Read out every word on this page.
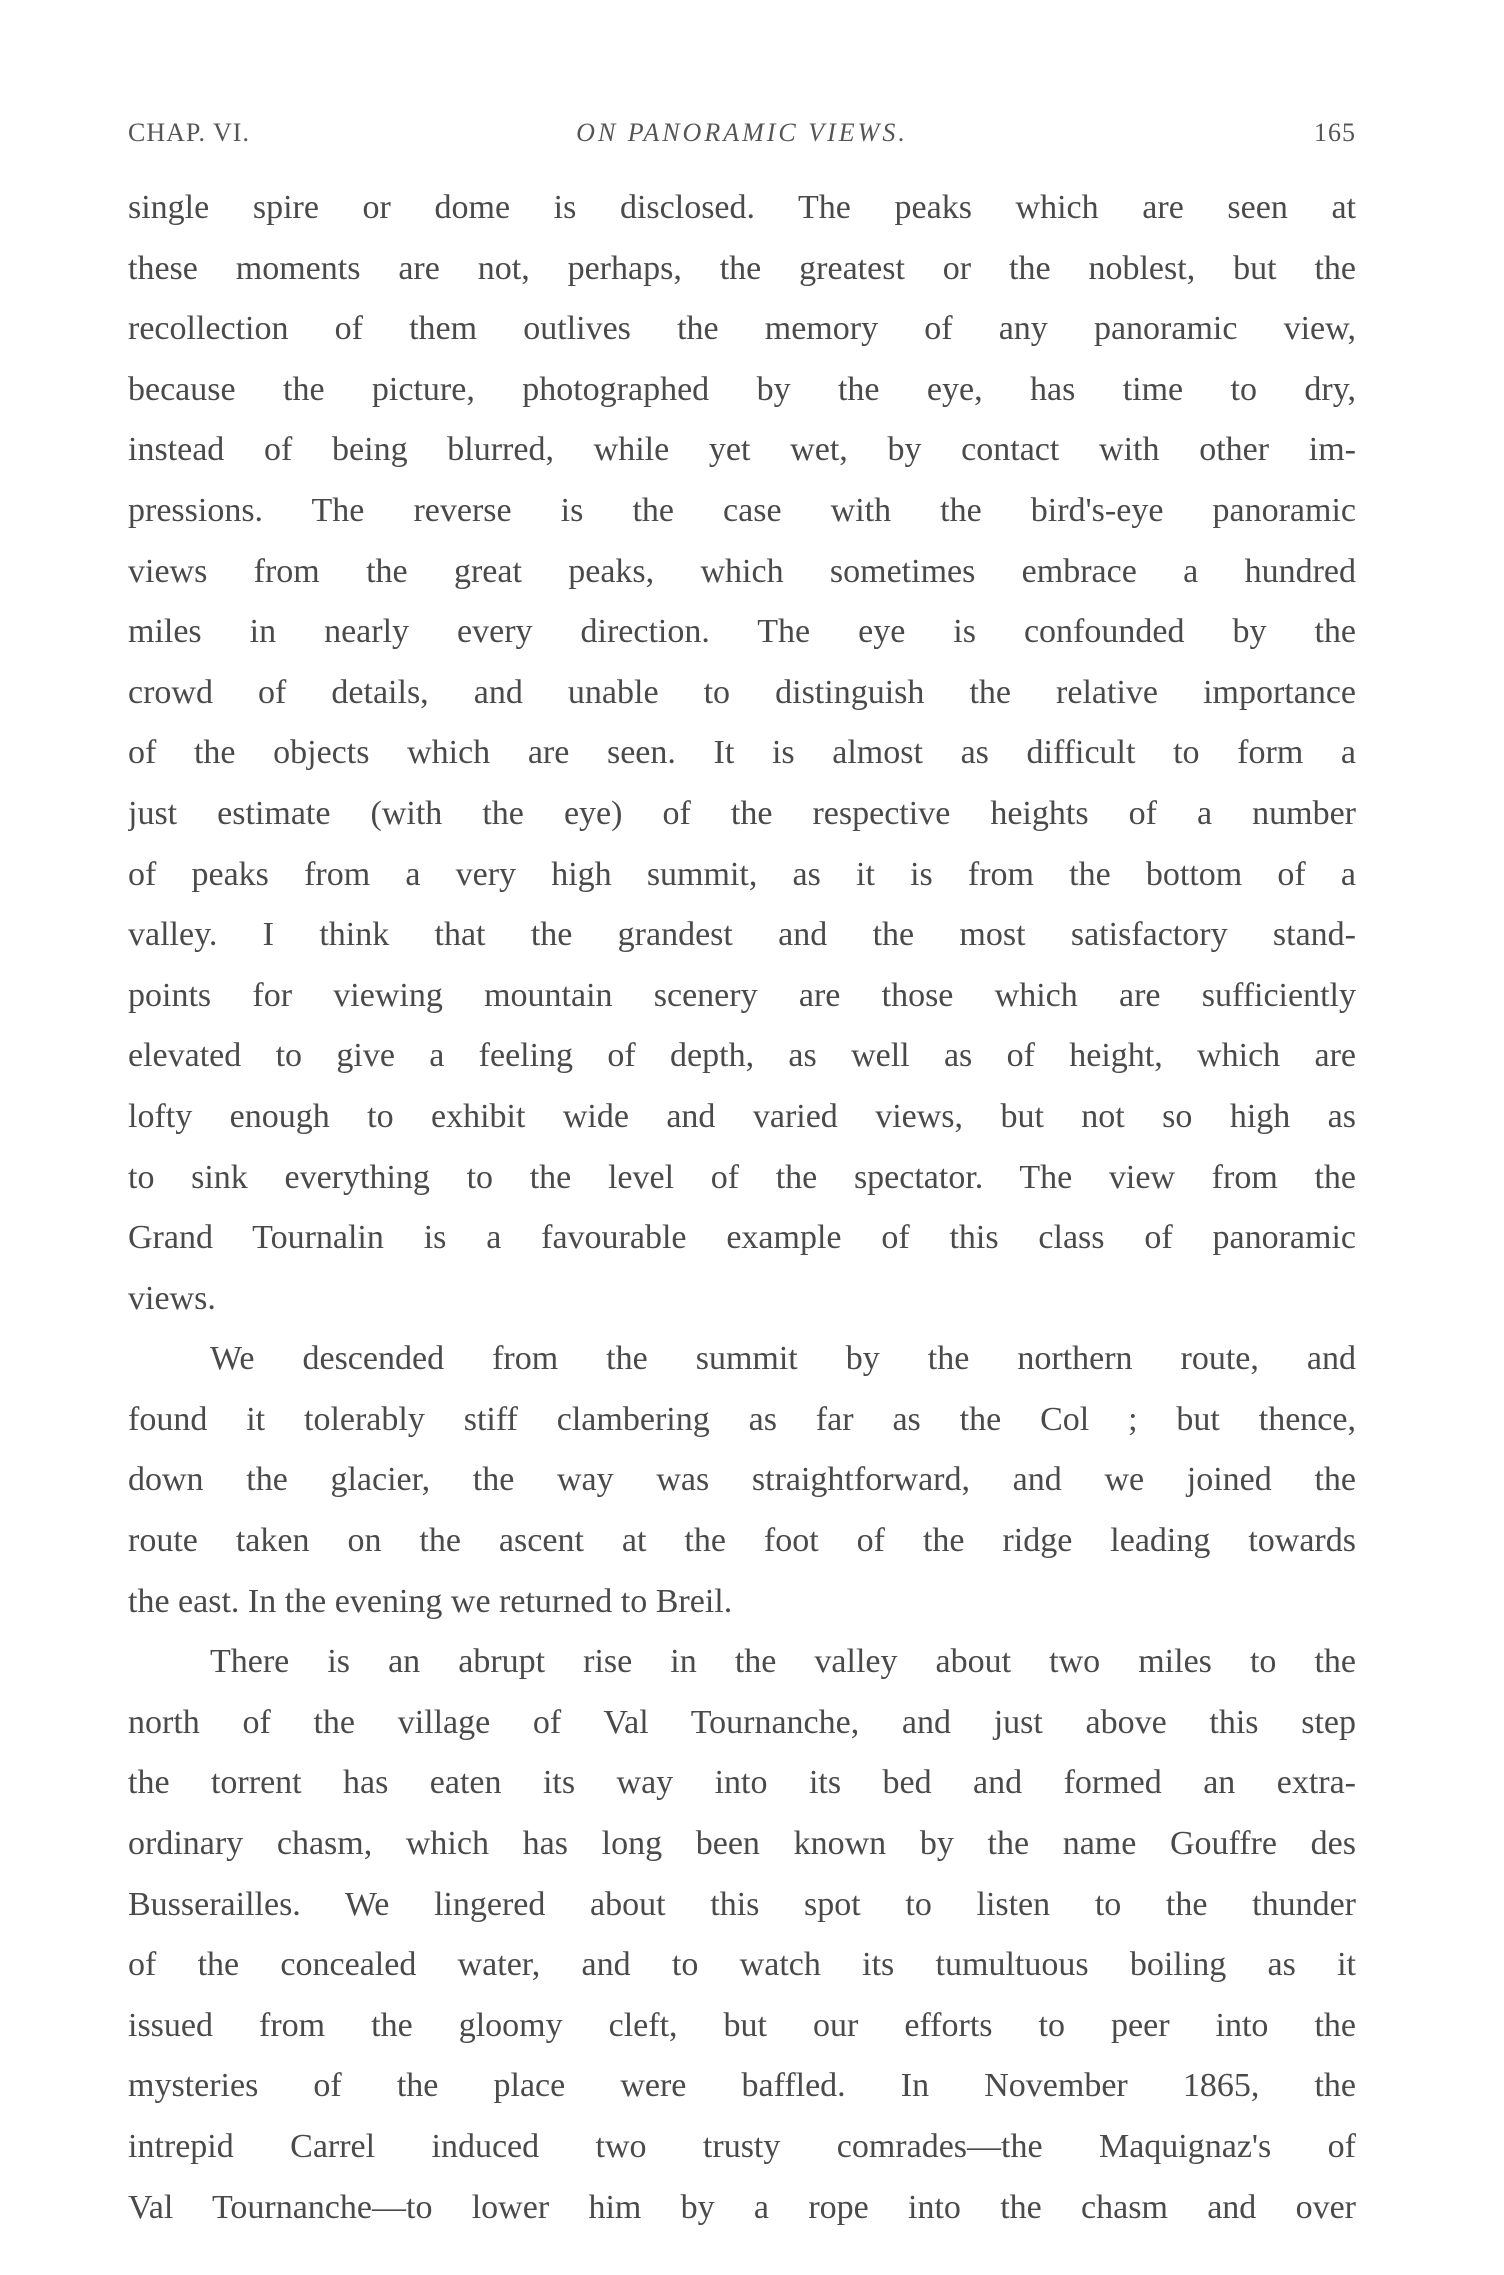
CHAP. VI.	ON PANORAMIC VIEWS.	165
single spire or dome is disclosed. The peaks which are seen at
these moments are not, perhaps, the greatest or the noblest, but the
recollection of them outlives the memory of any panoramic view,
because the picture, photographed by the eye, has time to dry,
instead of being blurred, while yet wet, by contact with other im-
pressions. The reverse is the case with the bird's-eye panoramic
views from the great peaks, which sometimes embrace a hundred
miles in nearly every direction. The eye is confounded by the
crowd of details, and unable to distinguish the relative importance
of the objects which are seen. It is almost as difficult to form a
just estimate (with the eye) of the respective heights of a number
of peaks from a very high summit, as it is from the bottom of a
valley. I think that the grandest and the most satisfactory stand-
points for viewing mountain scenery are those which are sufficiently
elevated to give a feeling of depth, as well as of height, which are
lofty enough to exhibit wide and varied views, but not so high as
to sink everything to the level of the spectator. The view from the
Grand Tournalin is a favourable example of this class of panoramic
views.
We descended from the summit by the northern route, and
found it tolerably stiff clambering as far as the Col ; but thence,
down the glacier, the way was straightforward, and we joined the
route taken on the ascent at the foot of the ridge leading towards
the east. In the evening we returned to Breil.
There is an abrupt rise in the valley about two miles to the
north of the village of Val Tournanche, and just above this step
the torrent has eaten its way into its bed and formed an extra-
ordinary chasm, which has long been known by the name Gouffre des
Busserailles. We lingered about this spot to listen to the thunder
of the concealed water, and to watch its tumultuous boiling as it
issued from the gloomy cleft, but our efforts to peer into the
mysteries of the place were baffled. In November 1865, the
intrepid Carrel induced two trusty comrades—the Maquignaz's of
Val Tournanche—to lower him by a rope into the chasm and over
